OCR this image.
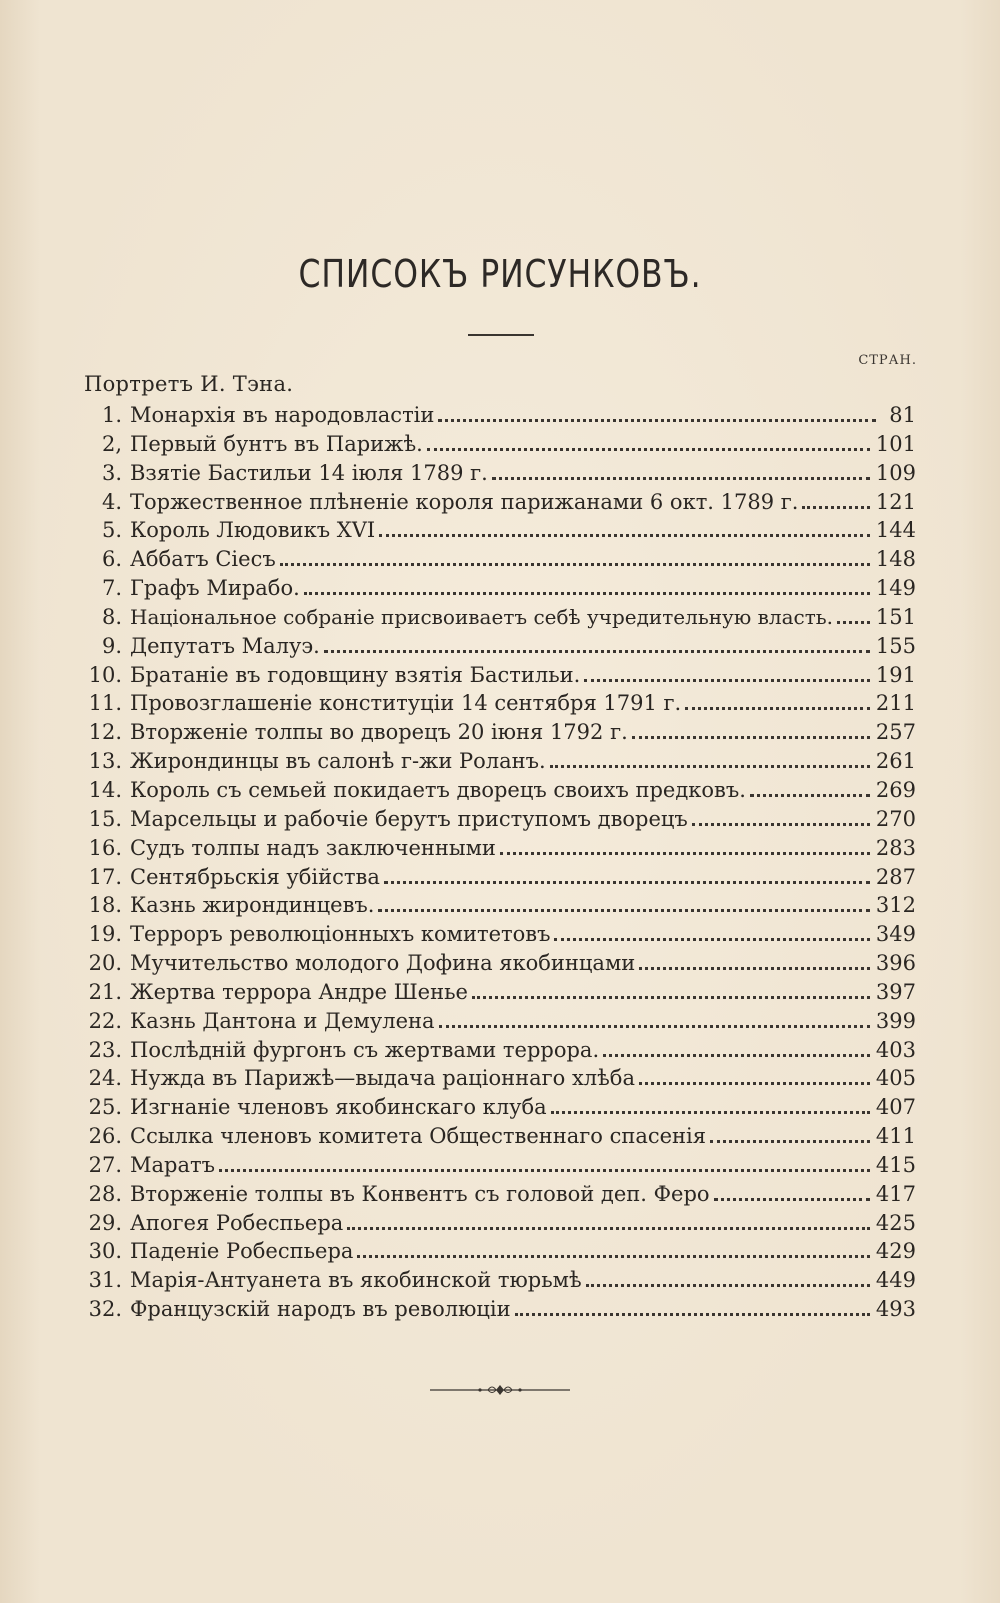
СПИСОКЪ РИСУНКОВЪ.
СТРАН.
Портретъ И. Тэна.
1. Монархія въ народовластіи	81
2, Первый бунтъ въ Парижѣ.	101
3. Взятіе Бастильи 14 іюля 1789 г.	109
4. Торжественное плѣненіе короля парижанами 6 окт. 1789 г.	121
5. Король Людовикъ XVI	144
6. Аббатъ Сіесъ	148
7. Графъ Мирабо.	149
8. Національное собраніе присвоиваетъ себѣ учредительную власть. 151
9. Депутатъ Малуэ.	155
10. Братаніе въ годовщину взятія Бастильи.	191
11. Провозглашеніе конституціи 14 сентября 1791 г.	211
12. Вторженіе толпы во дворецъ 20 іюня 1792 г.	257
13. Жирондинцы въ салонѣ г-жи Роланъ.	261
14. Король съ семьей покидаетъ дворецъ своихъ предковъ.	269
15. Марсельцы и рабочіе берутъ приступомъ дворецъ	270
16. Судъ толпы надъ заключенными	283
17. Сентябрьскія убійства	287
18. Казнь жирондинцевъ.	312
19. Терроръ революціонныхъ комитетовъ	349
20. Мучительство молодого Дофина якобинцами	396
21. Жертва террора Андре Шенье	397
22. Казнь Дантона и Демулена	399
23. Послѣдній фургонъ съ жертвами террора.	403
24. Нужда въ Парижѣ—выдача раціоннаго хлѣба	405
25. Изгнаніе членовъ якобинскаго клуба	407
26. Ссылка членовъ комитета Общественнаго спасенія	411
27. Маратъ	415
28. Вторженіе толпы въ Конвентъ съ головой деп. Феро	417
29. Апогея Робеспьера	425
30. Паденіе Робеспьера	429
31. Марія-Антуанета въ якобинской тюрьмѣ	449
32. Французскій народъ въ революціи	493
